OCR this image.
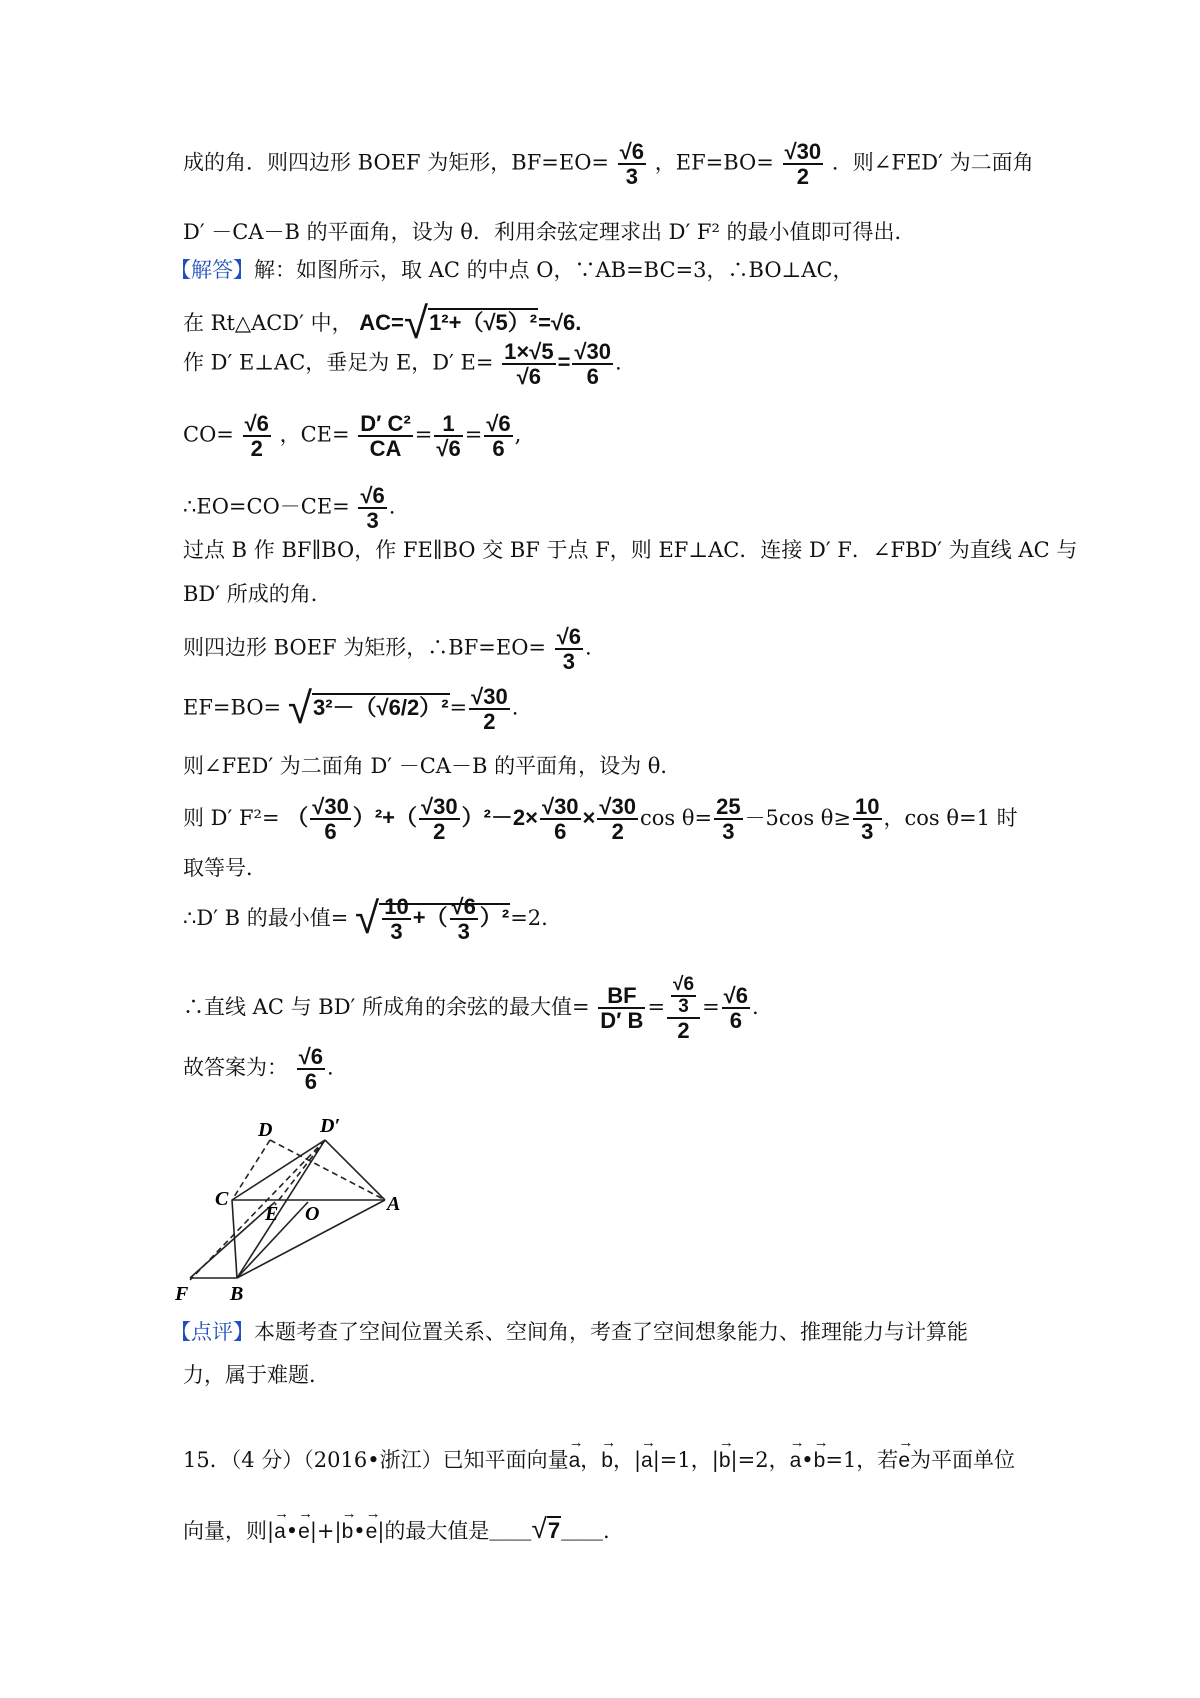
成的角．则四边形 BOEF 为矩形，$BF=EO= \frac{√6}{3}$ ，$EF=BO= \frac{√30}{2}$ ．则∠FED′ 为二面角
D′ －CA－B 的平面角，设为 θ．利用余弦定理求出 D′ F² 的最小值即可得出．
【解答】解：如图所示，取 AC 的中点 O，∵AB=BC=3，∴BO⊥AC，
在 Rt△ACD′ 中， AC=√1²+（√5）²=√6.
作 D′ E⊥AC，垂足为 E，D′ $E= \frac{1\times√5}{√6} = \frac{√30}{6}$ .
$CO= \frac{√6}{2}$ ，$CE= \frac{\text{D′ C²}}{CA} = \frac{1}{√6} = \frac{√6}{6}$ ,
∴EO=CO－CE= $\frac{√6}{3}$ .
过点 B 作 BF∥BO，作 FE∥BO 交 BF 于点 F，则 EF⊥AC．连接 D′ F．∠FBD′ 为直线 AC 与
BD′ 所成的角．
则四边形 BOEF 为矩形，∴BF=EO= $\frac{√6}{3}$ .
$EF=BO= √3^2-(√6/2)^2= \frac{√30}{2}$ .
则∠FED′ 为二面角 D′ －CA－B 的平面角，设为 θ．
则 D′ F²= （ $\frac{√30}{6} )^2+( \frac{√30}{2} )^2-2\times \frac{√30}{6} \times \frac{√30}{2}$ $\cos \theta= \frac{25}{3} -5\cos$ $\theta\ge \frac{10}{3}$ ，cos θ=1 时
取等号．
∴D′ B 的最小值= √ $\frac{10}{3}$ +（ $\frac{√6}{3} )^2=2$.
∴直线 AC 与 BD′ 所成角的余弦的最大值= $\frac{BF}{D' B} = \frac{\frac{√6}{3}}{2} = \frac{√6}{6}$ .
故答案为： $\frac{√6}{6}$ .
D D′
C
E O	A
F B
【点评】本题考查了空间位置关系、空间角，考查了空间想象能力、推理能力与计算能
力，属于难题．
15．（4 分）（2016•浙江）已知平面向量→ a，→ b，|→ a|=1，|→ b|=2，→ a•→ b=1，若→ e为平面单位
向量，则|→ a•→ e|+|→ b•→ e|的最大值是＿＿√7＿＿.
